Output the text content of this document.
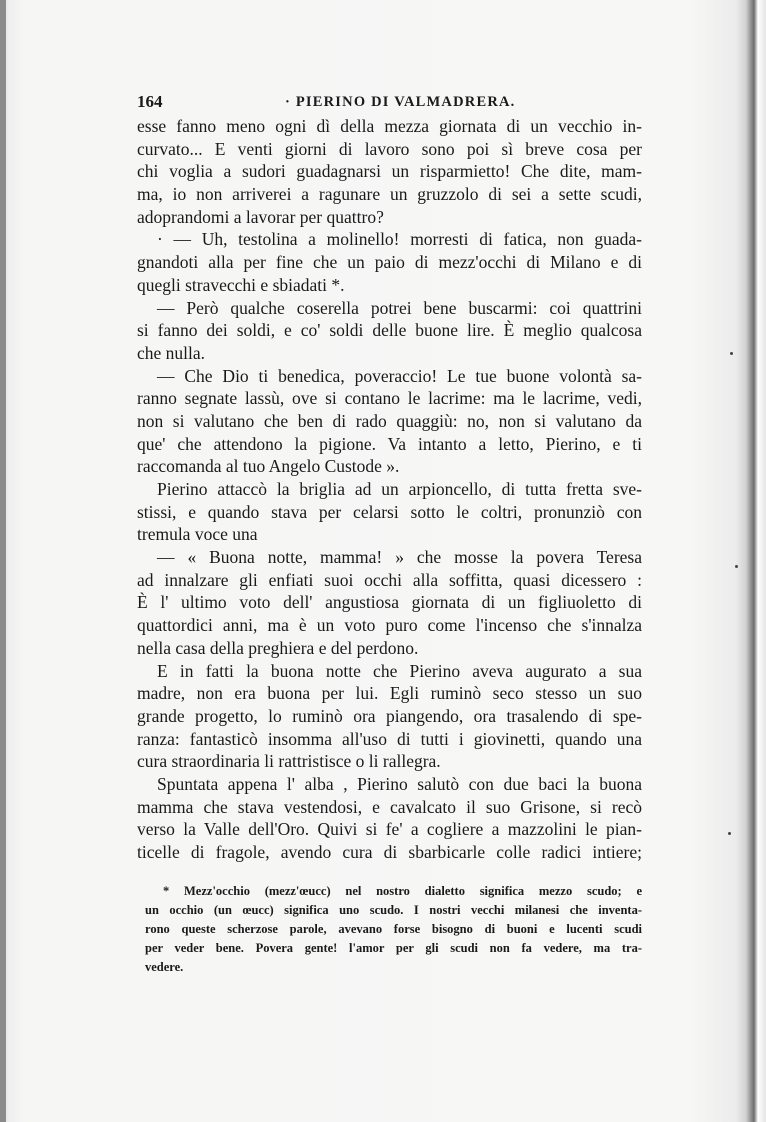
164	· PIERINO DI VALMADRERA.
esse fanno meno ogni dì della mezza giornata di un vecchio in-
curvato... E venti giorni di lavoro sono poi sì breve cosa per
chi voglia a sudori guadagnarsi un risparmietto! Che dite, mam-
ma, io non arriverei a ragunare un gruzzolo di sei a sette scudi,
adoprandomi a lavorar per quattro?
· — Uh, testolina a molinello! morresti di fatica, non guada-
gnandoti alla per fine che un paio di mezz'occhi di Milano e di
quegli stravecchi e sbiadati *.
— Però qualche coserella potrei bene buscarmi: coi quattrini
si fanno dei soldi, e co' soldi delle buone lire. È meglio qualcosa
che nulla.
— Che Dio ti benedica, poveraccio! Le tue buone volontà sa-
ranno segnate lassù, ove si contano le lacrime: ma le lacrime, vedi,
non si valutano che ben di rado quaggiù: no, non si valutano da
que' che attendono la pigione. Va intanto a letto, Pierino, e ti
raccomanda al tuo Angelo Custode ».
Pierino attaccò la briglia ad un arpioncello, di tutta fretta sve-
stissi, e quando stava per celarsi sotto le coltri, pronunziò con
tremula voce una
— « Buona notte, mamma! » che mosse la povera Teresa
ad innalzare gli enfiati suoi occhi alla soffitta, quasi dicessero :
È l' ultimo voto dell' angustiosa giornata di un figliuoletto di
quattordici anni, ma è un voto puro come l'incenso che s'innalza
nella casa della preghiera e del perdono.
E in fatti la buona notte che Pierino aveva augurato a sua
madre, non era buona per lui. Egli ruminò seco stesso un suo
grande progetto, lo ruminò ora piangendo, ora trasalendo di spe-
ranza: fantasticò insomma all'uso di tutti i giovinetti, quando una
cura straordinaria li rattristisce o li rallegra.
Spuntata appena l' alba , Pierino salutò con due baci la buona
mamma che stava vestendosi, e cavalcato il suo Grisone, si recò
verso la Valle dell'Oro. Quivi si fe' a cogliere a mazzolini le pian-
ticelle di fragole, avendo cura di sbarbicarle colle radici intiere;
* Mezz'occhio (mezz'œucc) nel nostro dialetto significa mezzo scudo; e
un occhio (un œucc) significa uno scudo. I nostri vecchi milanesi che inventa-
rono queste scherzose parole, avevano forse bisogno di buoni e lucenti scudi
per veder bene. Povera gente! l'amor per gli scudi non fa vedere, ma tra-
vedere.
